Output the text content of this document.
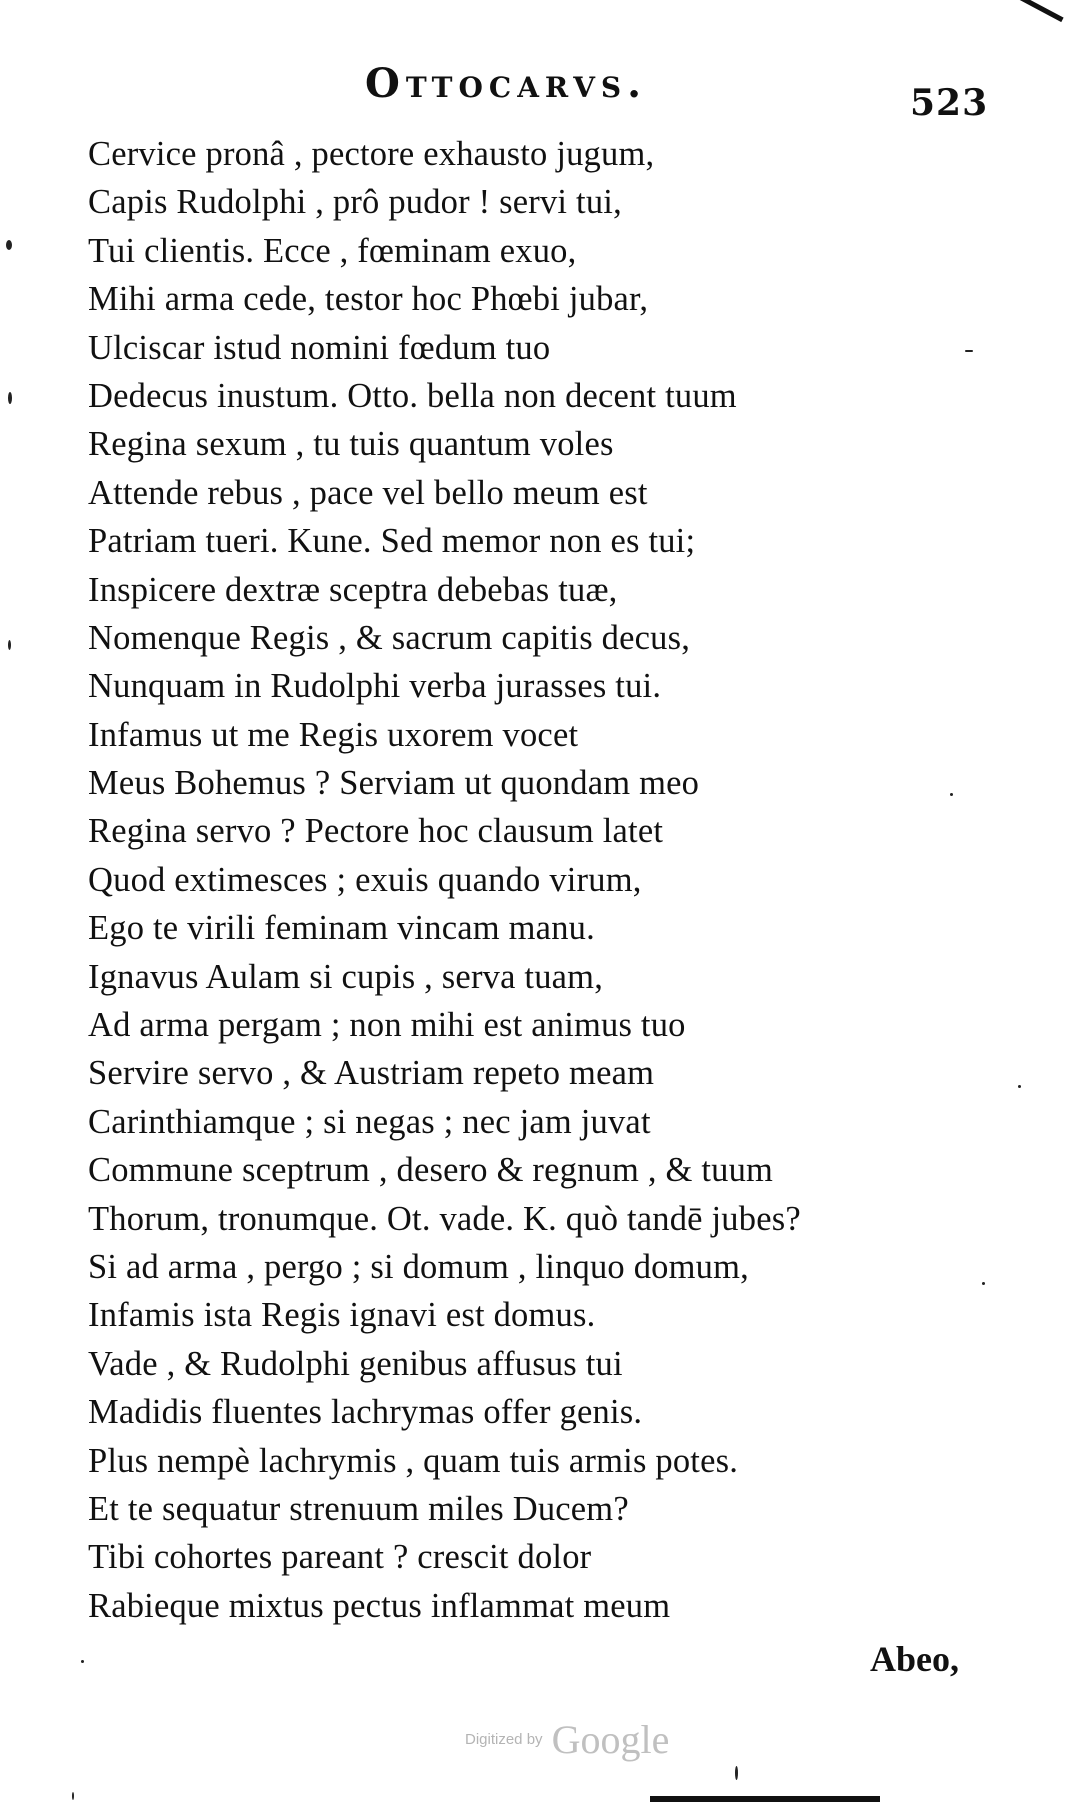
Ottocarvs.	523
Cervice pronâ , pectore exhausto jugum,
Capis Rudolphi , prô pudor ! servi tui,
Tui clientis. Ecce , fœminam exuo,
Mihi arma cede, testor hoc Phœbi jubar,
Ulciscar istud nomini fœdum tuo
Dedecus inustum. Otto. bella non decent tuum
Regina sexum , tu tuis quantum voles
Attende rebus , pace vel bello meum est
Patriam tueri. Kune. Sed memor non es tui;
Inspicere dextræ sceptra debebas tuæ,
Nomenque Regis , & sacrum capitis decus,
Nunquam in Rudolphi verba jurasses tui.
Infamus ut me Regis uxorem vocet
Meus Bohemus ? Serviam ut quondam meo
Regina servo ? Pectore hoc clausum latet
Quod extimesces ; exuis quando virum,
Ego te virili feminam vincam manu.
Ignavus Aulam si cupis , serva tuam,
Ad arma pergam ; non mihi est animus tuo
Servire servo , & Austriam repeto meam
Carinthiamque ; si negas ; nec jam juvat
Commune sceptrum , desero & regnum , & tuum
Thorum, tronumque. Ot. vade. K. quò tandē jubes?
Si ad arma , pergo ; si domum , linquo domum,
Infamis ista Regis ignavi est domus.
Vade , & Rudolphi genibus affusus tui
Madidis fluentes lachrymas offer genis.
Plus nempè lachrymis , quam tuis armis potes.
Et te sequatur strenuum miles Ducem?
Tibi cohortes pareant ? crescit dolor
Rabieque mixtus pectus inflammat meum
Abeo,
Digitized by Google
